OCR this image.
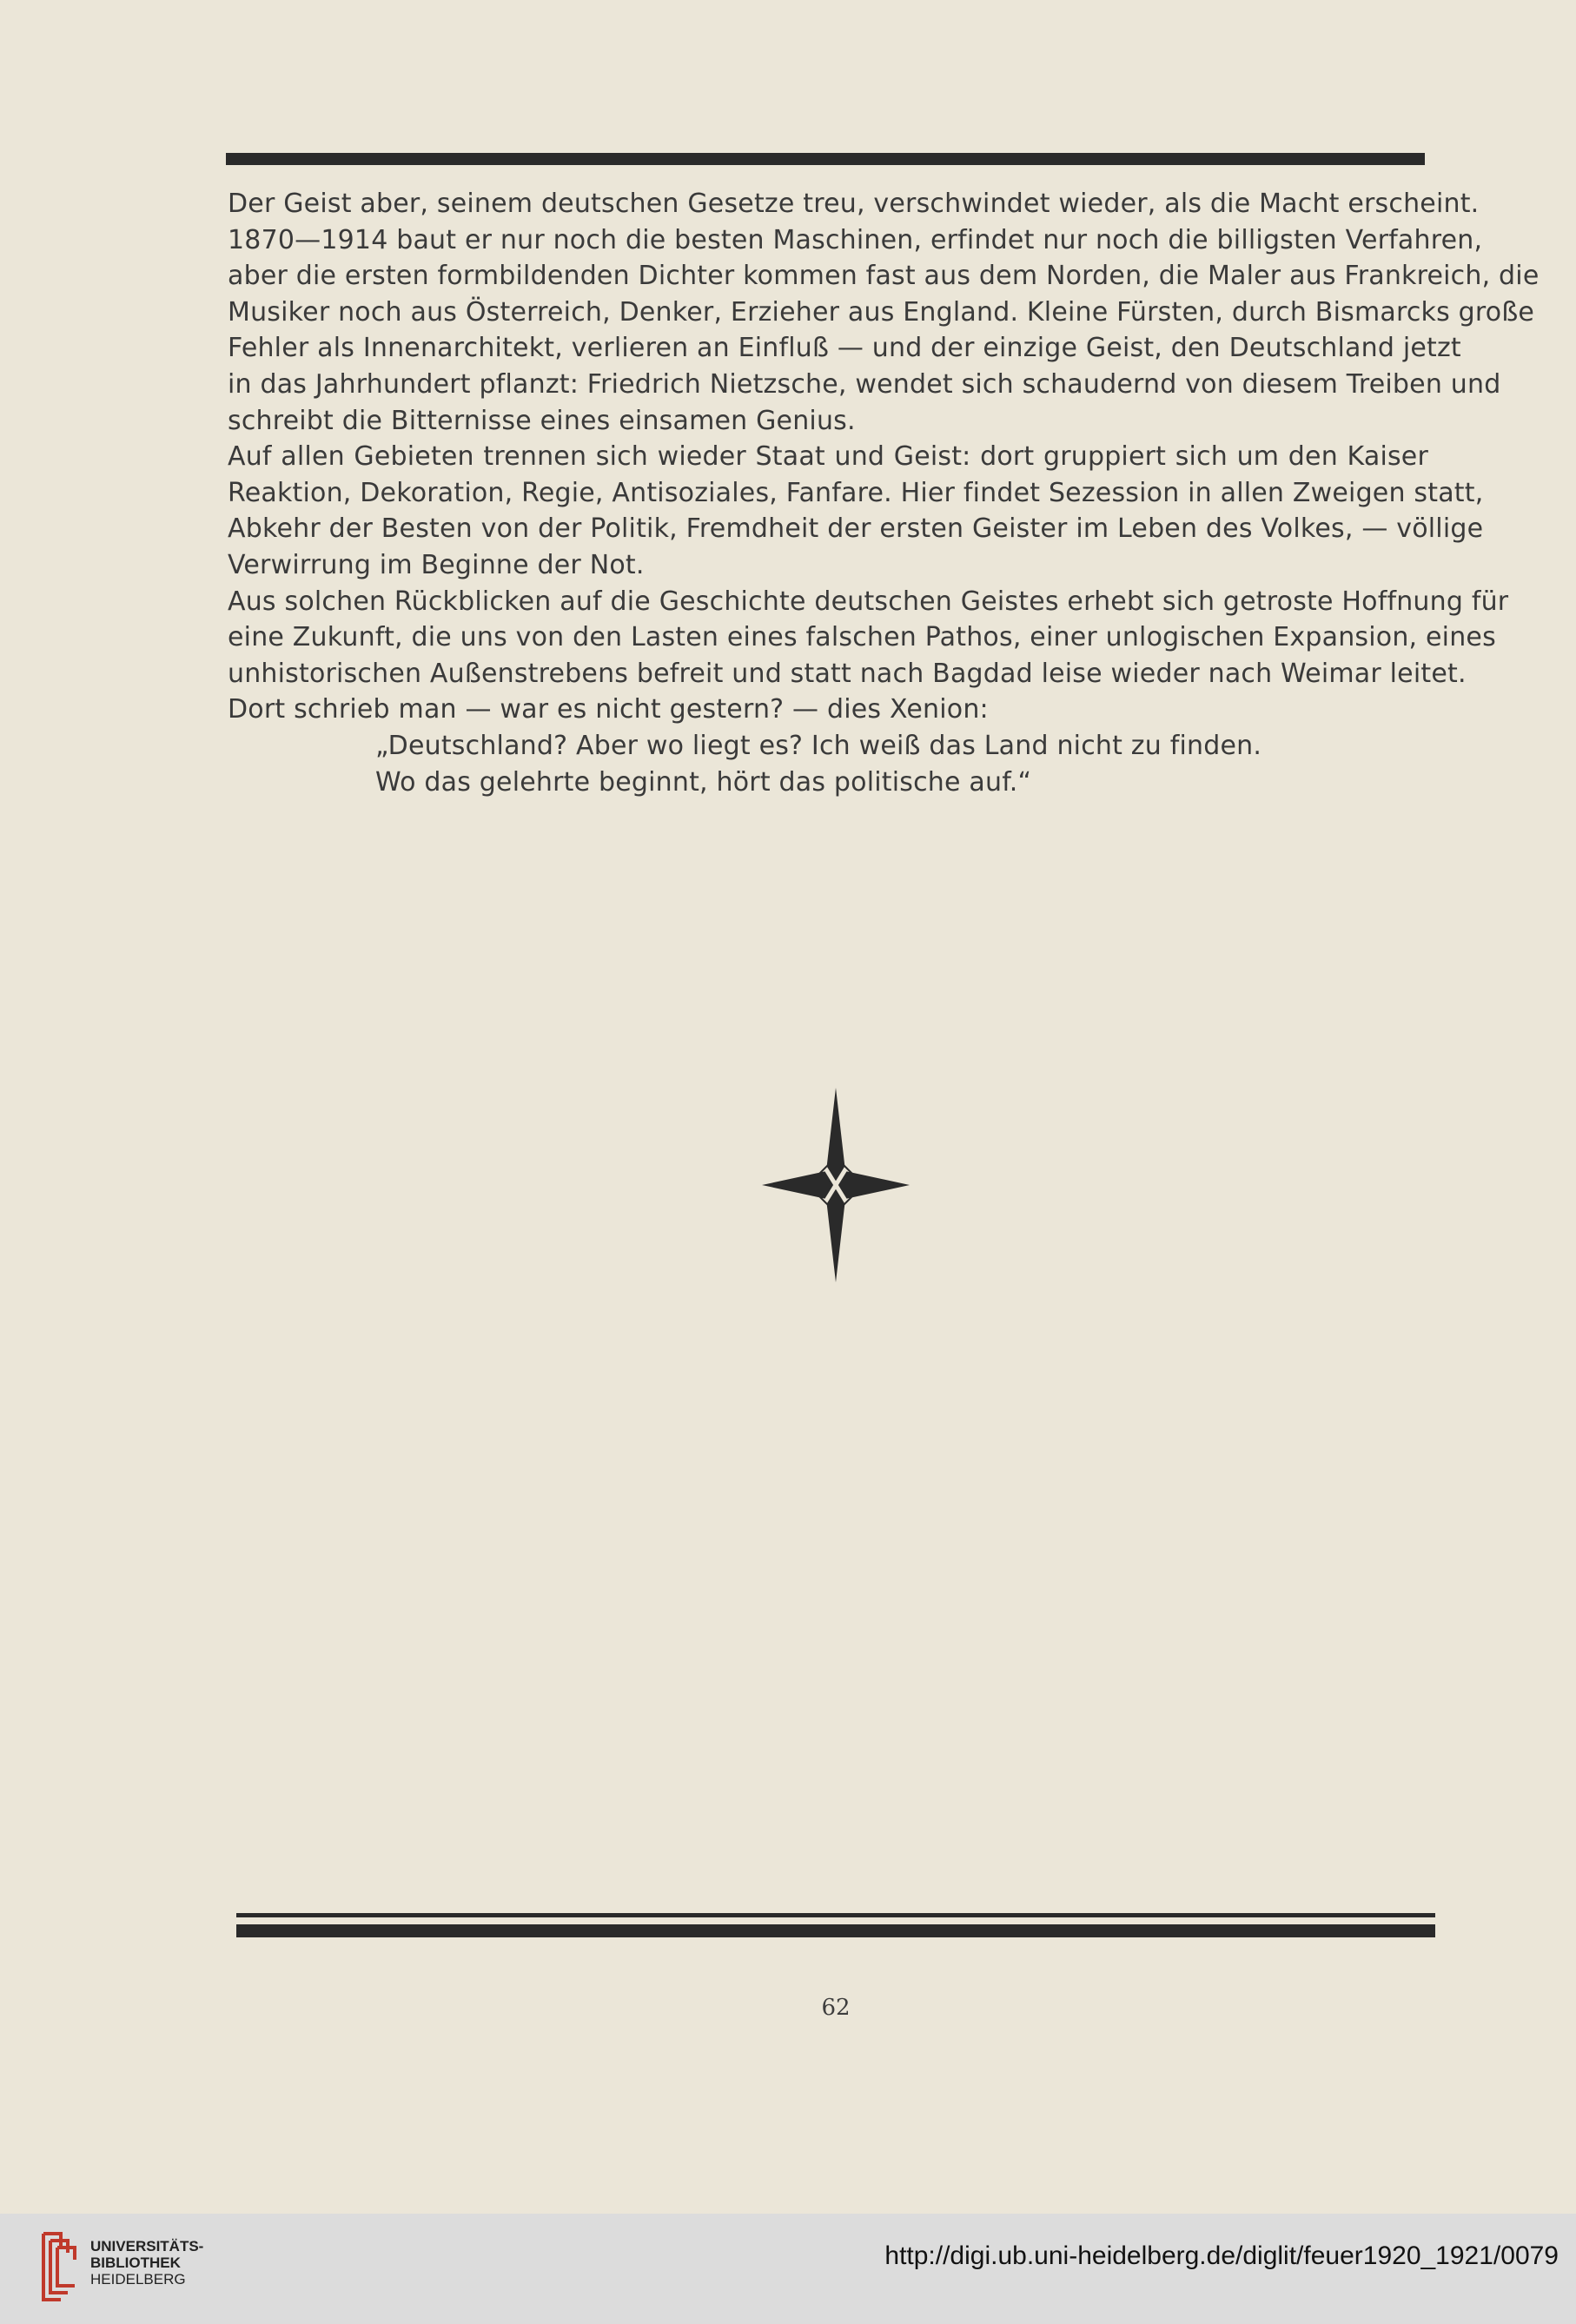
Der Geist aber, seinem deutschen Gesetze treu, verschwindet wieder, als die Macht erscheint.
1870—1914 baut er nur noch die besten Maschinen, erfindet nur noch die billigsten Verfahren,
aber die ersten formbildenden Dichter kommen fast aus dem Norden, die Maler aus Frankreich, die
Musiker noch aus Österreich, Denker, Erzieher aus England. Kleine Fürsten, durch Bismarcks große
Fehler als Innenarchitekt, verlieren an Einfluß — und der einzige Geist, den Deutschland jetzt
in das Jahrhundert pflanzt: Friedrich Nietzsche, wendet sich schaudernd von diesem Treiben und
schreibt die Bitternisse eines einsamen Genius.
Auf allen Gebieten trennen sich wieder Staat und Geist: dort gruppiert sich um den Kaiser
Reaktion, Dekoration, Regie, Antisoziales, Fanfare. Hier findet Sezession in allen Zweigen statt,
Abkehr der Besten von der Politik, Fremdheit der ersten Geister im Leben des Volkes, — völlige
Verwirrung im Beginne der Not.
Aus solchen Rückblicken auf die Geschichte deutschen Geistes erhebt sich getroste Hoffnung für
eine Zukunft, die uns von den Lasten eines falschen Pathos, einer unlogischen Expansion, eines
unhistorischen Außenstrebens befreit und statt nach Bagdad leise wieder nach Weimar leitet.
Dort schrieb man — war es nicht gestern? — dies Xenion:
„Deutschland? Aber wo liegt es? Ich weiß das Land nicht zu finden.
Wo das gelehrte beginnt, hört das politische auf.“
62
UNIVERSITÄTS-
BIBLIOTHEK
HEIDELBERG
http://digi.ub.uni-heidelberg.de/diglit/feuer1920_1921/0079
